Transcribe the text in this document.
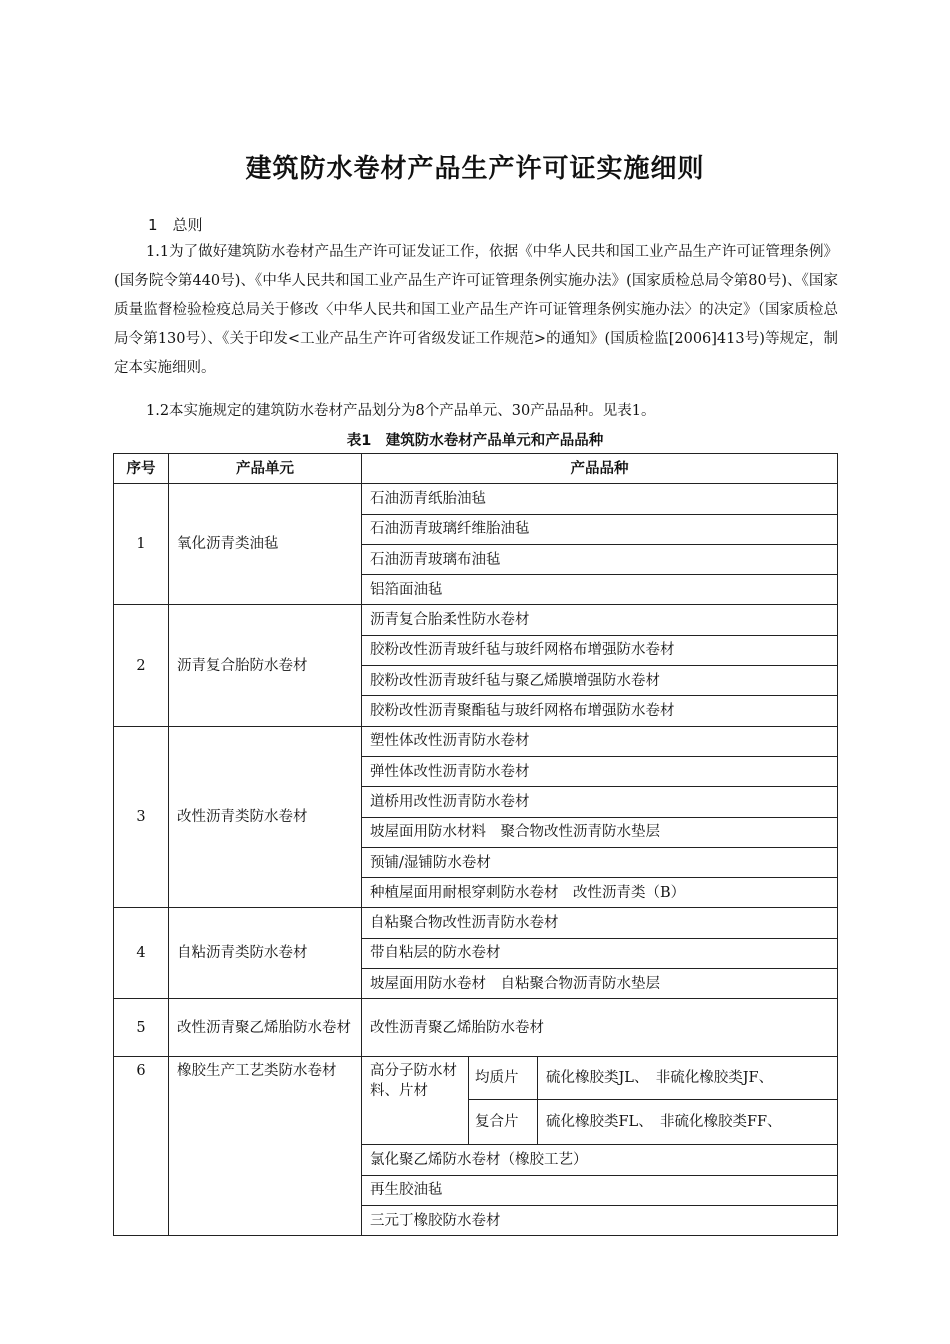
建筑防水卷材产品生产许可证实施细则
1　总则

1.1为了做好建筑防水卷材产品生产许可证发证工作，依据《中华人民共和国工业产品生产许可证管理条例》(国务院令第440号)、《中华人民共和国工业产品生产许可证管理条例实施办法》(国家质检总局令第80号)、《国家质量监督检验检疫总局关于修改〈中华人民共和国工业产品生产许可证管理条例实施办法〉的决定》（国家质检总局令第130号）、《关于印发<工业产品生产许可省级发证工作规范>的通知》(国质检监[2006]413号)等规定，制定本实施细则。

1.2本实施规定的建筑防水卷材产品划分为8个产品单元、30产品品种。见表1。

表1　建筑防水卷材产品单元和产品品种
序号	产品单元	产品品种		
1	氧化沥青类油毡	石油沥青纸胎油毡		
		石油沥青玻璃纤维胎油毡		
		石油沥青玻璃布油毡		
		铝箔面油毡		
2	沥青复合胎防水卷材	沥青复合胎柔性防水卷材		
		胶粉改性沥青玻纤毡与玻纤网格布增强防水卷材		
		胶粉改性沥青玻纤毡与聚乙烯膜增强防水卷材		
		胶粉改性沥青聚酯毡与玻纤网格布增强防水卷材		
3	改性沥青类防水卷材	塑性体改性沥青防水卷材		
		弹性体改性沥青防水卷材		
		道桥用改性沥青防水卷材		
		坡屋面用防水材料　聚合物改性沥青防水垫层		
		预铺/湿铺防水卷材		
		种植屋面用耐根穿刺防水卷材　改性沥青类（B）		
4	自粘沥青类防水卷材	自粘聚合物改性沥青防水卷材		
		带自粘层的防水卷材		
		坡屋面用防水卷材　自粘聚合物沥青防水垫层		
5	改性沥青聚乙烯胎防水卷材	改性沥青聚乙烯胎防水卷材		
6	橡胶生产工艺类防水卷材	高分子防水材料、片材	均质片	硫化橡胶类JL、　非硫化橡胶类JF、
			复合片	硫化橡胶类FL、　非硫化橡胶类FF、
		氯化聚乙烯防水卷材（橡胶工艺）		
		再生胶油毡		
		三元丁橡胶防水卷材		
